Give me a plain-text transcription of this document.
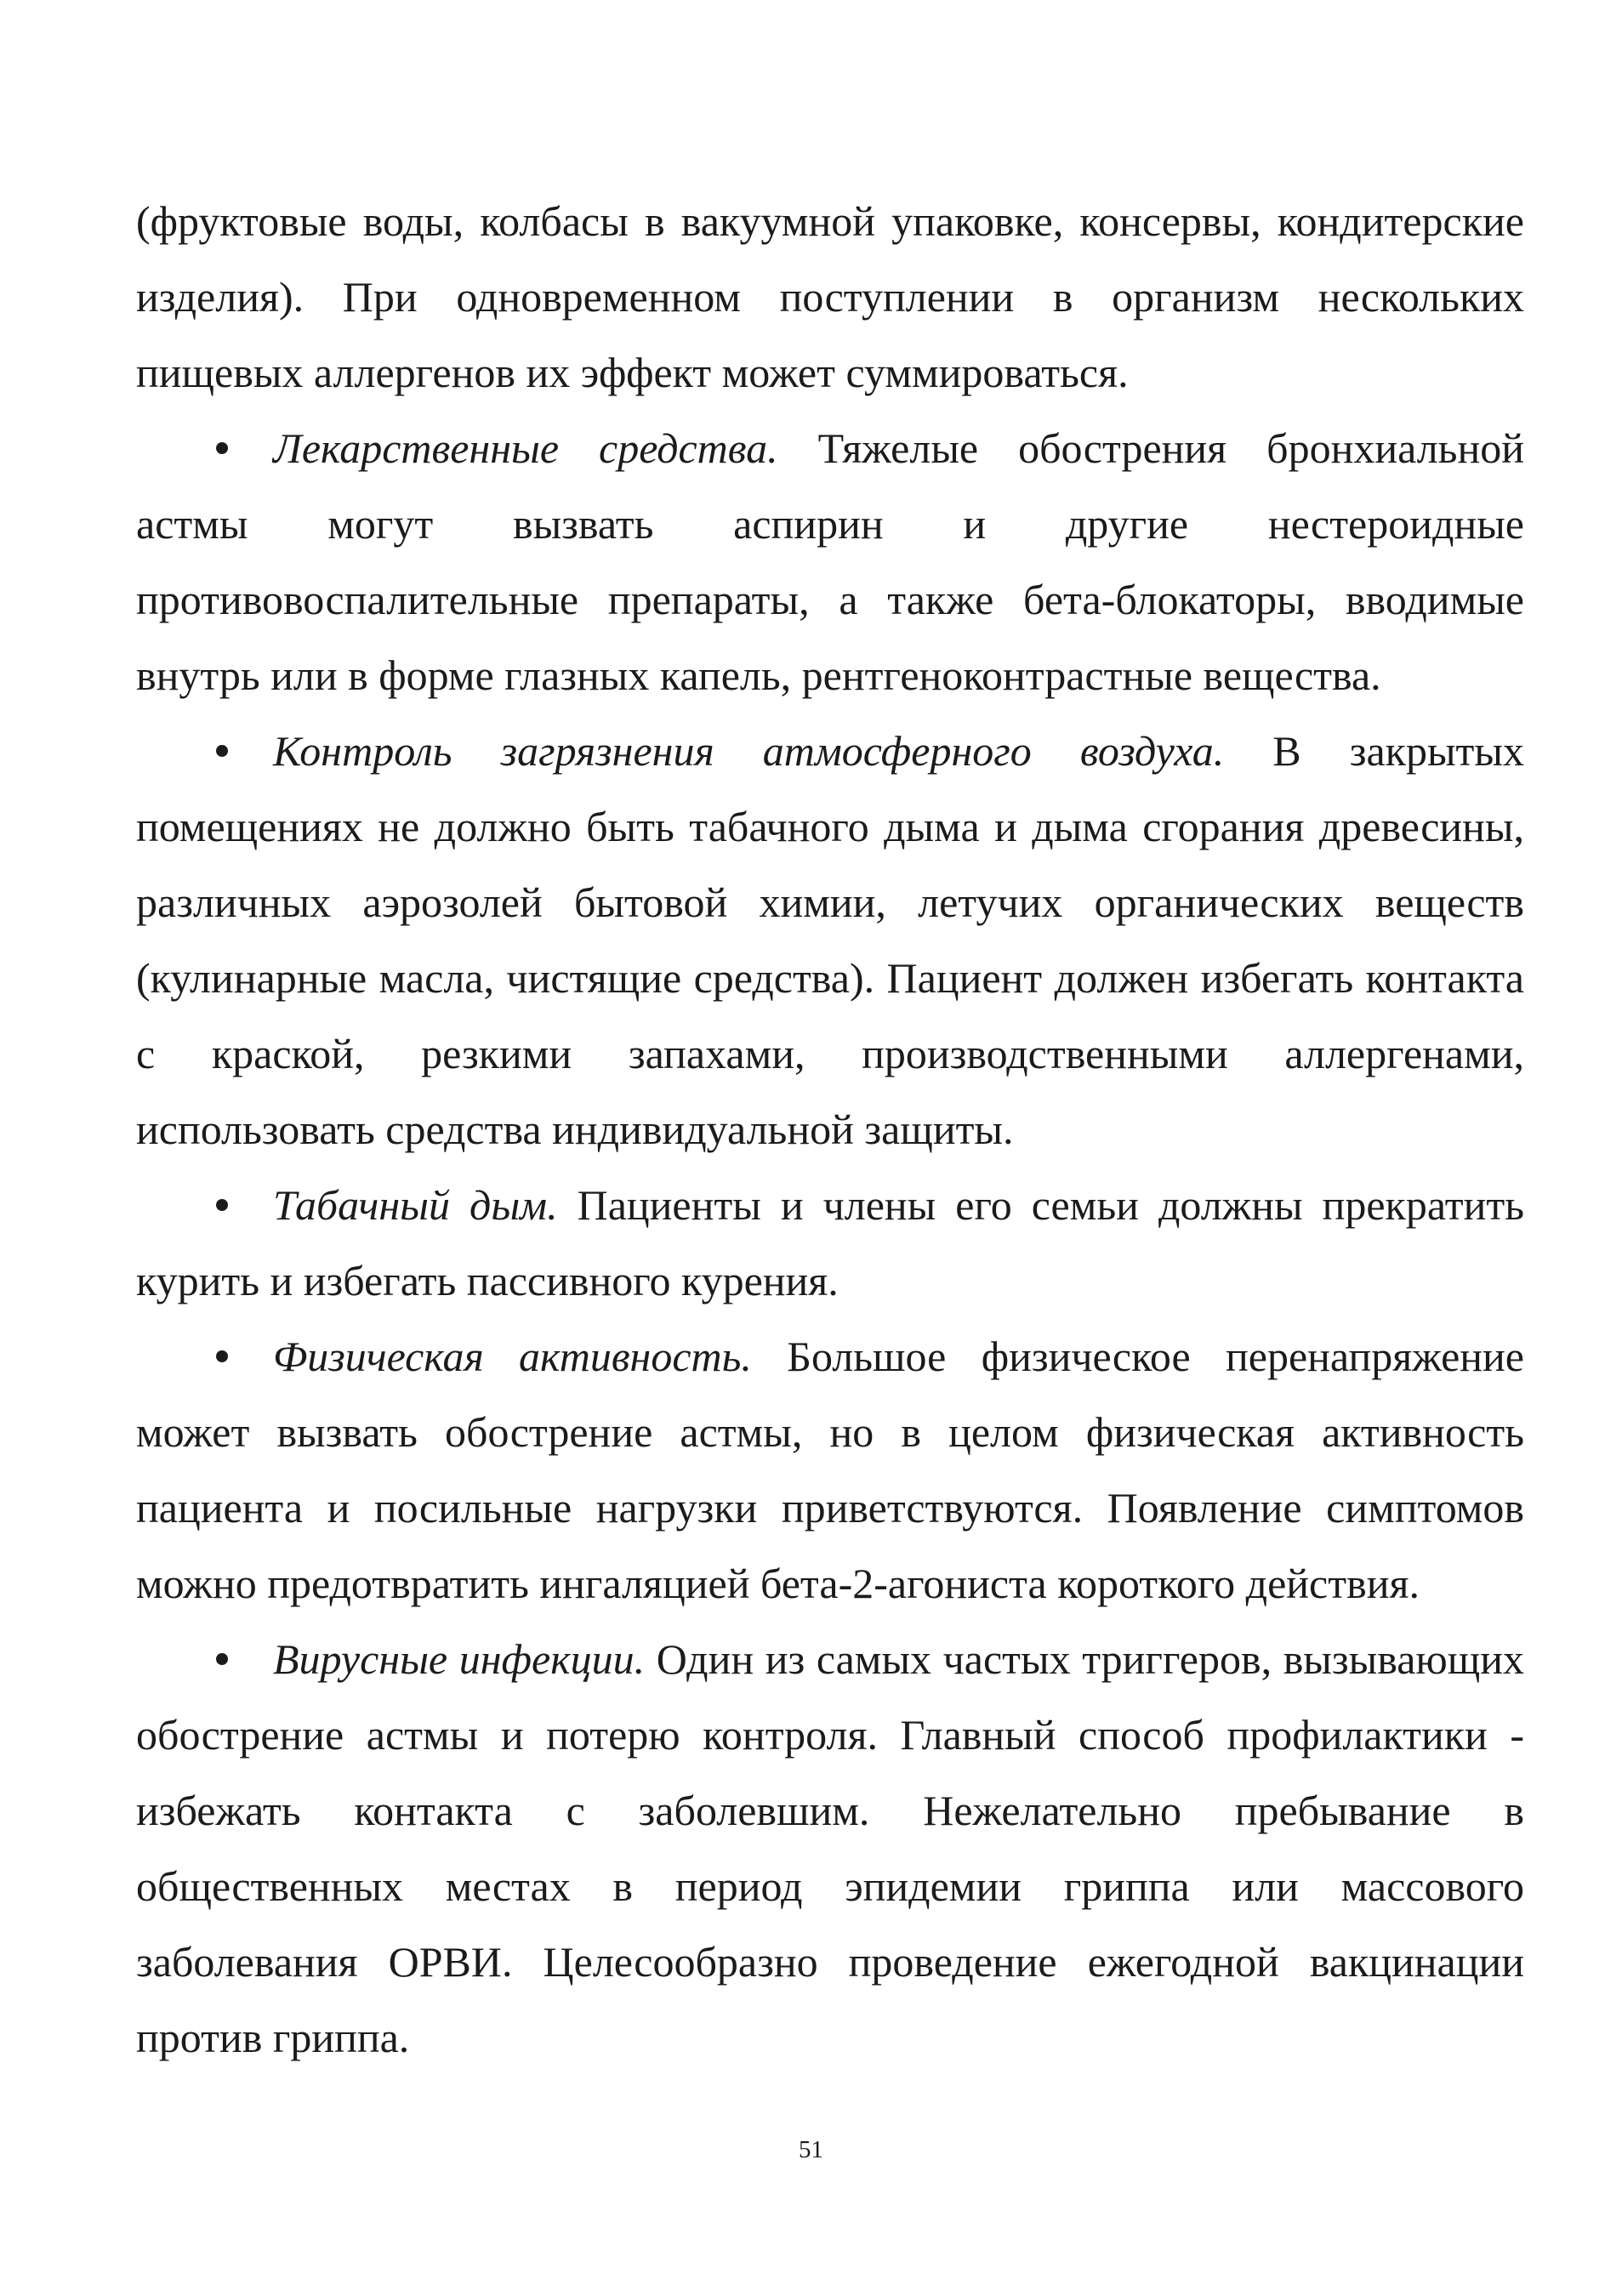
(фруктовые воды, колбасы в вакуумной упаковке, консервы, кондитерские изделия). При одновременном поступлении в организм нескольких пищевых аллергенов их эффект может суммироваться.

Лекарственные средства. Тяжелые обострения бронхиальной астмы могут вызвать аспирин и другие нестероидные противовоспалительные препараты, а также бета-блокаторы, вводимые внутрь или в форме глазных капель, рентгеноконтрастные вещества.

Контроль загрязнения атмосферного воздуха. В закрытых помещениях не должно быть табачного дыма и дыма сгорания древесины, различных аэрозолей бытовой химии, летучих органических веществ (кулинарные масла, чистящие средства). Пациент должен избегать контакта с краской, резкими запахами, производственными аллергенами, использовать средства индивидуальной защиты.

Табачный дым. Пациенты и члены его семьи должны прекратить курить и избегать пассивного курения.

Физическая активность. Большое физическое перенапряжение может вызвать обострение астмы, но в целом физическая активность пациента и посильные нагрузки приветствуются. Появление симптомов можно предотвратить ингаляцией бета-2-агониста короткого действия.

Вирусные инфекции. Один из самых частых триггеров, вызывающих обострение астмы и потерю контроля. Главный способ профилактики - избежать контакта с заболевшим. Нежелательно пребывание в общественных местах в период эпидемии гриппа или массового заболевания ОРВИ. Целесообразно проведение ежегодной вакцинации против гриппа.

51
